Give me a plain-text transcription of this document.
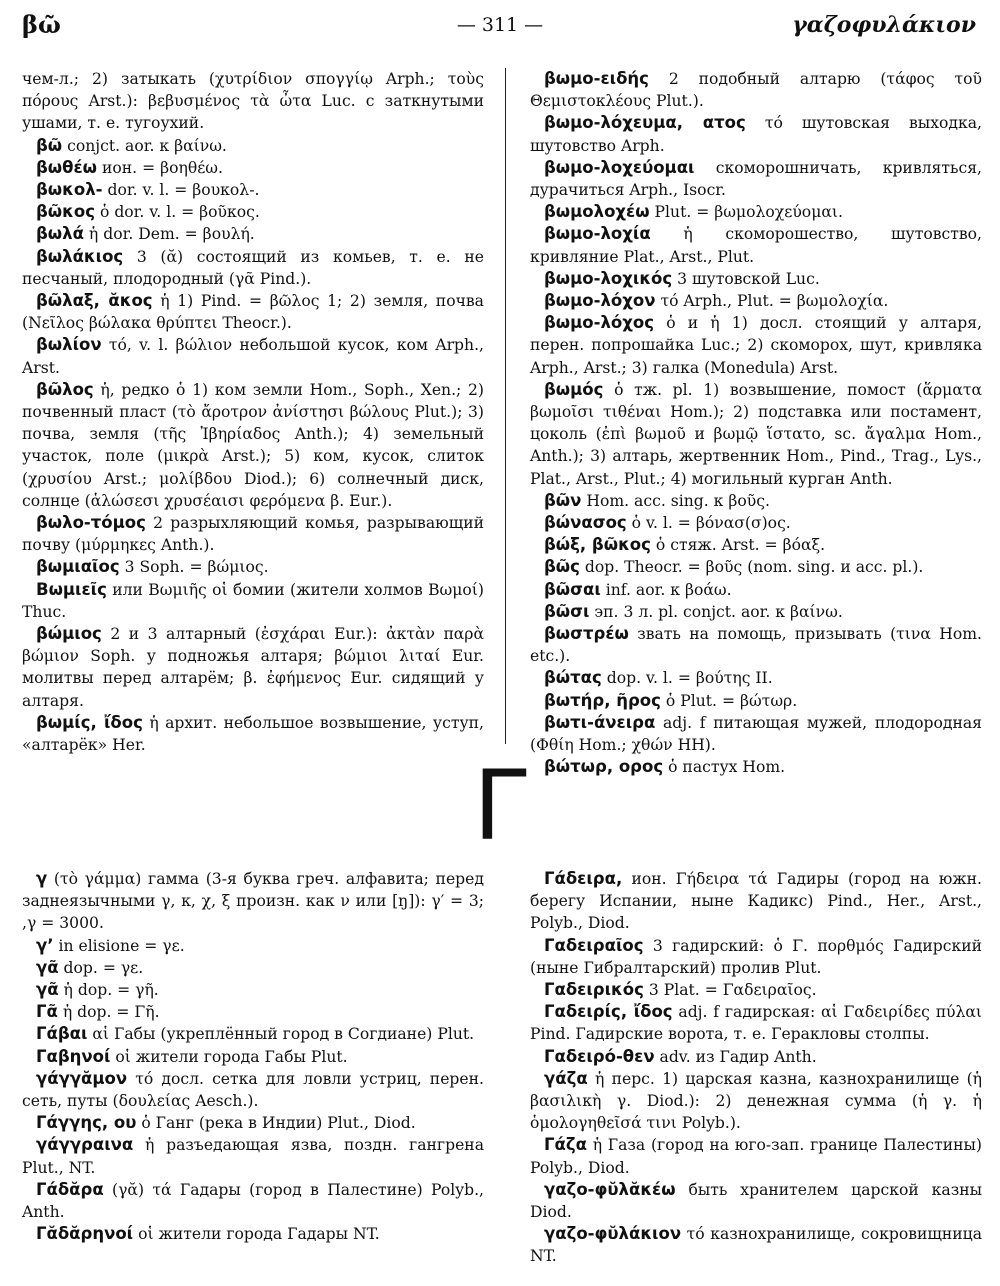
βῶ	— 311 —	γαζοφυλάκιον

чем-л.; 2) затыкать (χυτρίδιον σπογγίῳ Arph.; τοὺς πόρους Arst.): βεβυσμένος τὰ ὦτα Luc. с заткнутыми ушами, т. е. тугоухий.

βῶ conjct. aor. к βαίνω.

βωθέω ион. = βοηθέω.

βωκολ- dor. v. l. = βουκολ-.

βῶκος ὁ dor. v. l. = βοῦκος.

βωλά ἡ dor. Dem. = βουλή.

βωλάκιος 3 (ᾰ) состоящий из комьев, т. е. не песчаный, плодородный (γᾶ Pind.).

βῶλαξ, ᾰκος ἡ 1) Pind. = βῶλος 1; 2) земля, почва (Νεῖλος βώλακα θρύπτει Theocr.).

βωλίον τό, v. l. βώλιον небольшой кусок, ком Arph., Arst.

βῶλος ἡ, редко ὁ 1) ком земли Hom., Soph., Xen.; 2) почвенный пласт (τὸ ἄροτρον ἀνίστησι βώλους Plut.); 3) почва, земля (τῆς Ἰβηρίαδος Anth.); 4) земельный участок, поле (μικρὰ Arst.); 5) ком, кусок, слиток (χρυσίου Arst.; μολίβδου Diod.); 6) солнечный диск, солнце (ἁλώσεσι χρυσέαισι φερόμενα β. Eur.).

βωλο-τόμος 2 разрыхляющий комья, разрывающий почву (μύρμηκες Anth.).

βωμιαῖος 3 Soph. = βώμιος.

Βωμιεῖς или Βωμιῆς οἱ бомии (жители холмов Βωμοί) Thuc.

βώμιος 2 и 3 алтарный (ἐσχάραι Eur.): ἀκτὰν παρὰ βώμιον Soph. у подножья алтаря; βώμιοι λιταί Eur. молитвы перед алтарём; β. ἐφήμενος Eur. сидящий у алтаря.

βωμίς, ἴδος ἡ архит. небольшое возвышение, уступ, «алтарёк» Her.

βωμο-ειδής 2 подобный алтарю (τάφος τοῦ Θεμιστοκλέους Plut.).

βωμο-λόχευμα, ατος τό шутовская выходка, шутовство Arph.

βωμο-λοχεύομαι скоморошничать, кривляться, дурачиться Arph., Isocr.

βωμολοχέω Plut. = βωμολοχεύομαι.

βωμο-λοχία ἡ скоморошество, шутовство, кривляние Plat., Arst., Plut.

βωμο-λοχικός 3 шутовской Luc.

βωμο-λόχον τό Arph., Plut. = βωμολοχία.

βωμο-λόχος ὁ и ἡ 1) досл. стоящий у алтаря, перен. попрошайка Luc.; 2) скоморох, шут, кривляка Arph., Arst.; 3) галка (Monedula) Arst.

βωμός ὁ тж. pl. 1) возвышение, помост (ἅρματα βωμοῖσι τιθέναι Hom.); 2) подставка или постамент, цоколь (ἐπὶ βωμοῦ и βωμῷ ἵστατο, sc. ἄγαλμα Hom., Anth.); 3) алтарь, жертвенник Hom., Pind., Trag., Lys., Plat., Arst., Plut.; 4) могильный курган Anth.

βῶν Hom. acc. sing. к βοῦς.

βώνασος ὁ v. l. = βόνασ(σ)ος.

βώξ, βῶκος ὁ стяж. Arst. = βόαξ.

βῶς dop. Theocr. = βοῦς (nom. sing. и acc. pl.).

βῶσαι inf. aor. к βοάω.

βῶσι эп. 3 л. pl. conjct. aor. к βαίνω.

βωστρέω звать на помощь, призывать (τινα Hom. etc.).

βώτας dop. v. l. = βούτης II.

βωτήρ, ῆρος ὁ Plut. = βώτωρ.

βωτι-άνειρα adj. f питающая мужей, плодородная (Φθίη Hom.; χθών HH).

βώτωρ, ορος ὁ пастух Hom.

Γ

γ (τὸ γάμμα) гамма (3-я буква греч. алфавита; перед заднеязычными γ, κ, χ, ξ произн. как ν или [ŋ]): γ′ = 3; ,γ = 3000.

γ’ in elisione = γε.

γᾶ dop. = γε.

γᾶ ἡ dop. = γῆ.

Γᾶ ἡ dop. = Γῆ.

Γάβαι αἱ Габы (укреплённый город в Согдиане) Plut.

Γαβηνοί οἱ жители города Габы Plut.

γάγγᾰμον τό досл. сетка для ловли устриц, перен. сеть, путы (δουλείας Aesch.).

Γάγγης, ου ὁ Ганг (река в Индии) Plut., Diod.

γάγγραινα ἡ разъедающая язва, поздн. гангрена Plut., NT.

Γάδᾰρα (γᾰ) τά Гадары (город в Палестине) Polyb., Anth.

Γᾰδᾰρηνοί οἱ жители города Гадары NT.

Γάδειρα, ион. Γήδειρα τά Гадиры (город на южн. берегу Испании, ныне Кадикс) Pind., Her., Arst., Polyb., Diod.

Γαδειραῖος 3 гадирский: ὁ Γ. πορθμός Гадирский (ныне Гибралтарский) пролив Plut.

Γαδειρικός 3 Plat. = Γαδειραῖος.

Γαδειρίς, ἴδος adj. f гадирская: αἱ Γαδειρίδες πύλαι Pind. Гадирские ворота, т. е. Геракловы столпы.

Γαδειρό-θεν adv. из Гадир Anth.

γάζα ἡ перс. 1) царская казна, казнохранилище (ἡ βασιλικὴ γ. Diod.): 2) денежная сумма (ἡ γ. ἡ ὁμολογηθεῖσά τινι Polyb.).

Γάζα ἡ Газа (город на юго-зап. границе Палестины) Polyb., Diod.

γαζο-φῠλᾰκέω быть хранителем царской казны Diod.

γαζο-φῠλάκιον τό казнохранилище, сокровищница NT.
